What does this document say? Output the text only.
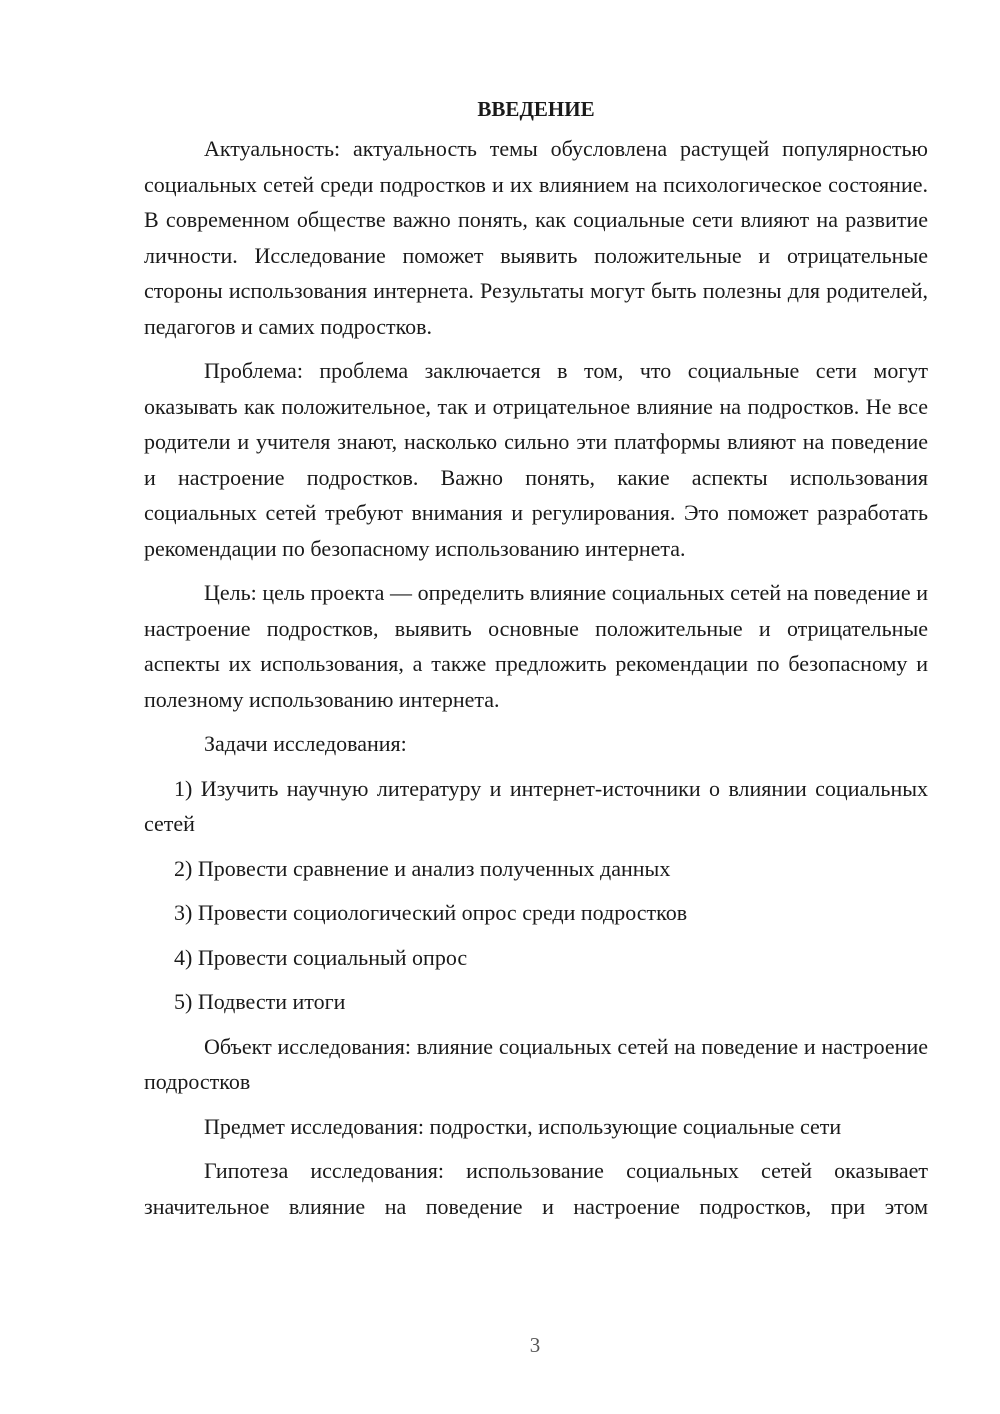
ВВЕДЕНИЕ

Актуальность: актуальность темы обусловлена растущей популярностью социальных сетей среди подростков и их влиянием на психологическое состояние. В современном обществе важно понять, как социальные сети влияют на развитие личности. Исследование поможет выявить положительные и отрицательные стороны использования интернета. Результаты могут быть полезны для родителей, педагогов и самих подростков.

Проблема: проблема заключается в том, что социальные сети могут оказывать как положительное, так и отрицательное влияние на подростков. Не все родители и учителя знают, насколько сильно эти платформы влияют на поведение и настроение подростков. Важно понять, какие аспекты использования социальных сетей требуют внимания и регулирования. Это поможет разработать рекомендации по безопасному использованию интернета.

Цель: цель проекта — определить влияние социальных сетей на поведение и настроение подростков, выявить основные положительные и отрицательные аспекты их использования, а также предложить рекомендации по безопасному и полезному использованию интернета.

Задачи исследования:

1) Изучить научную литературу и интернет-источники о влиянии социальных сетей

2) Провести сравнение и анализ полученных данных

3) Провести социологический опрос среди подростков

4) Провести социальный опрос

5) Подвести итоги

Объект исследования: влияние социальных сетей на поведение и настроение подростков

Предмет исследования: подростки, использующие социальные сети

Гипотеза исследования: использование социальных сетей оказывает значительное влияние на поведение и настроение подростков, при этом

3
